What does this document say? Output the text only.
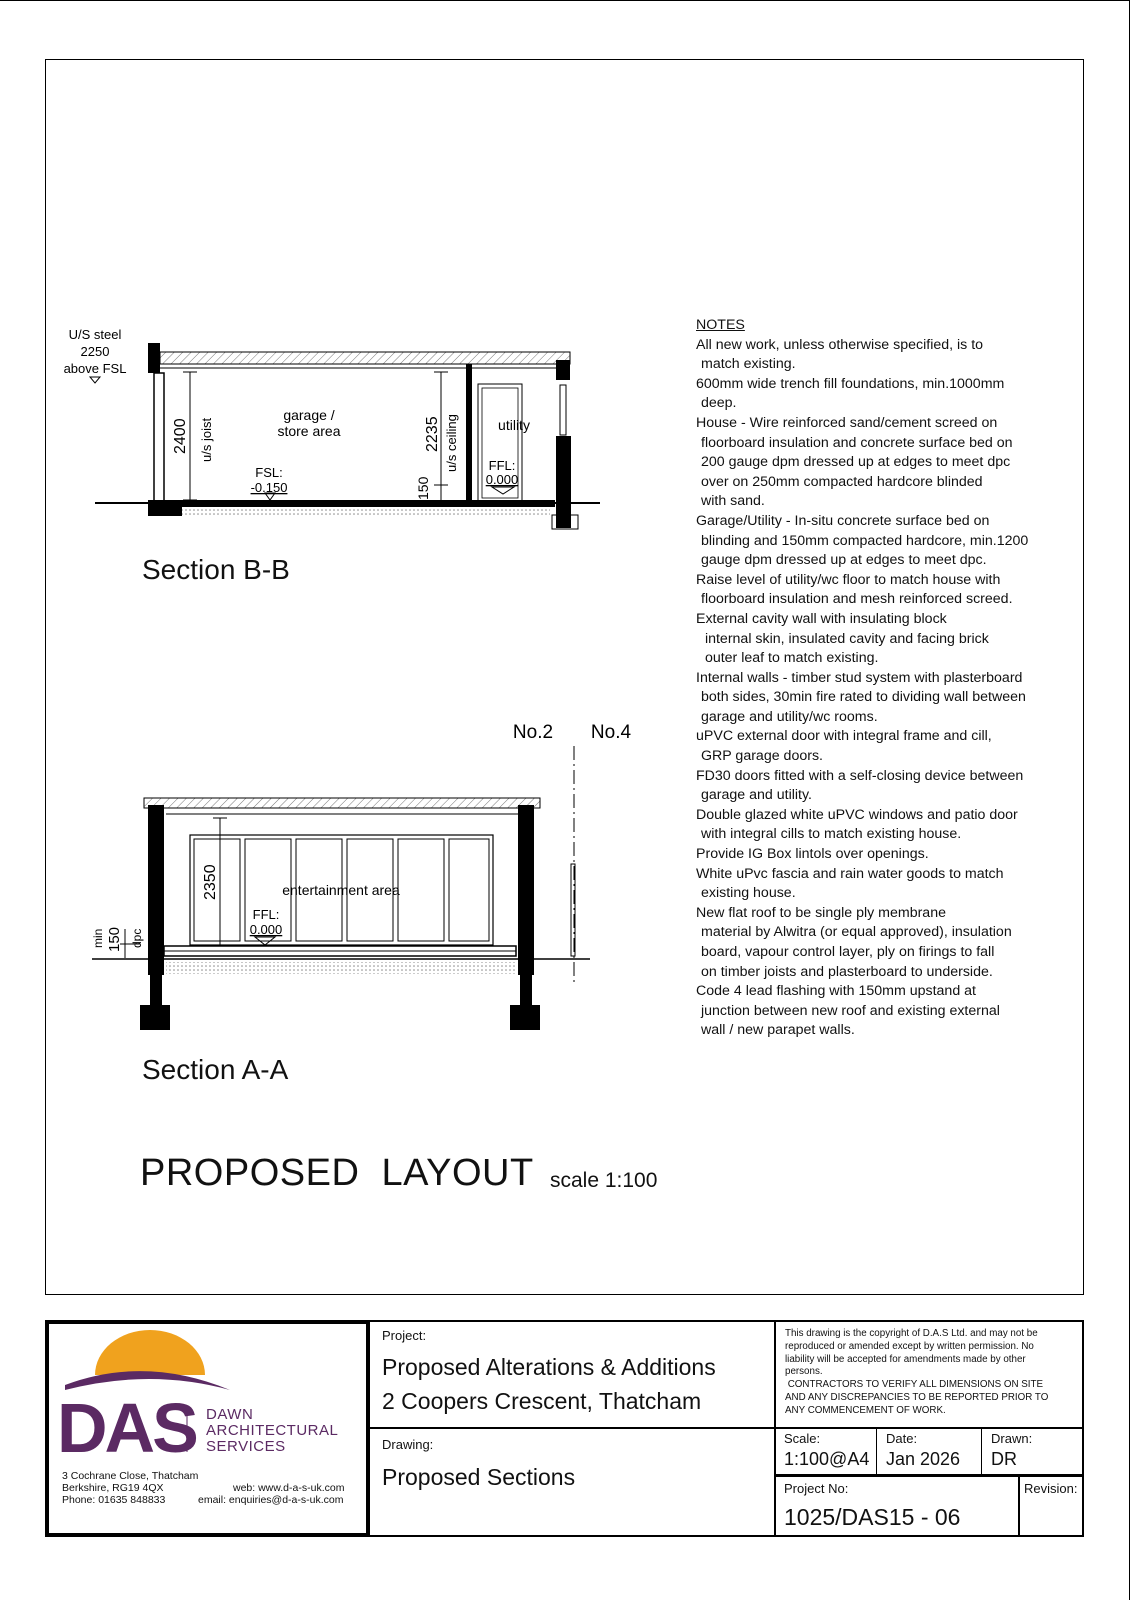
2400 u/s joist	2235 u/s ceiling
150
U/S steel
2250
above FSL
garage /
store area	utility
FSL:
-0.150
FFL:
0.000
Section B-B
2350
min 150 dpc
entertainment area
FFL:
0.000
No.2 No.4
Section A-A
PROPOSED  LAYOUT scale 1:100
NOTES
All new work, unless otherwise specified, is to
match existing.
600mm wide trench fill foundations, min.1000mm
deep.
House - Wire reinforced sand/cement screed on
floorboard insulation and concrete surface bed on
200 gauge dpm dressed up at edges to meet dpc
over on 250mm compacted hardcore blinded
with sand.
Garage/Utility - In-situ concrete surface bed on
blinding and 150mm compacted hardcore, min.1200
gauge dpm dressed up at edges to meet dpc.
Raise level of utility/wc floor to match house with
floorboard insulation and mesh reinforced screed.
External cavity wall with insulating block
internal skin, insulated cavity and facing brick
outer leaf to match existing.
Internal walls - timber stud system with plasterboard
both sides, 30min fire rated to dividing wall between
garage and utility/wc rooms.
uPVC external door with integral frame and cill,
GRP garage doors.
FD30 doors fitted with a self-closing device between
garage and utility.
Double glazed white uPVC windows and patio door
with integral cills to match existing house.
Provide IG Box lintols over openings.
White uPvc fascia and rain water goods to match
existing house.
New flat roof to be single ply membrane
material by Alwitra (or equal approved), insulation
board, vapour control layer, ply on firings to fall
on timber joists and plasterboard to underside.
Code 4 lead flashing with 150mm upstand at
junction between new roof and existing external
wall / new parapet walls.
DAS DAWN
ARCHITECTURAL
SERVICES
3 Cochrane Close, Thatcham
Berkshire, RG19 4QX
Phone: 01635 848833
web: www.d-a-s-uk.com
email: enquiries@d-a-s-uk.com
Project:
Proposed Alterations & Additions
2 Coopers Crescent, Thatcham
Drawing:
Proposed Sections
This drawing is the copyright of D.A.S Ltd. and may not be
reproduced or amended except by written permission. No
liability will be accepted for amendments made by other
persons.
CONTRACTORS TO VERIFY ALL DIMENSIONS ON SITE
AND ANY DISCREPANCIES TO BE REPORTED PRIOR TO
ANY COMMENCEMENT OF WORK.
Scale:
1:100@A4
Date:
Jan 2026
Drawn:
DR
Project No:
1025/DAS15 - 06
Revision:
